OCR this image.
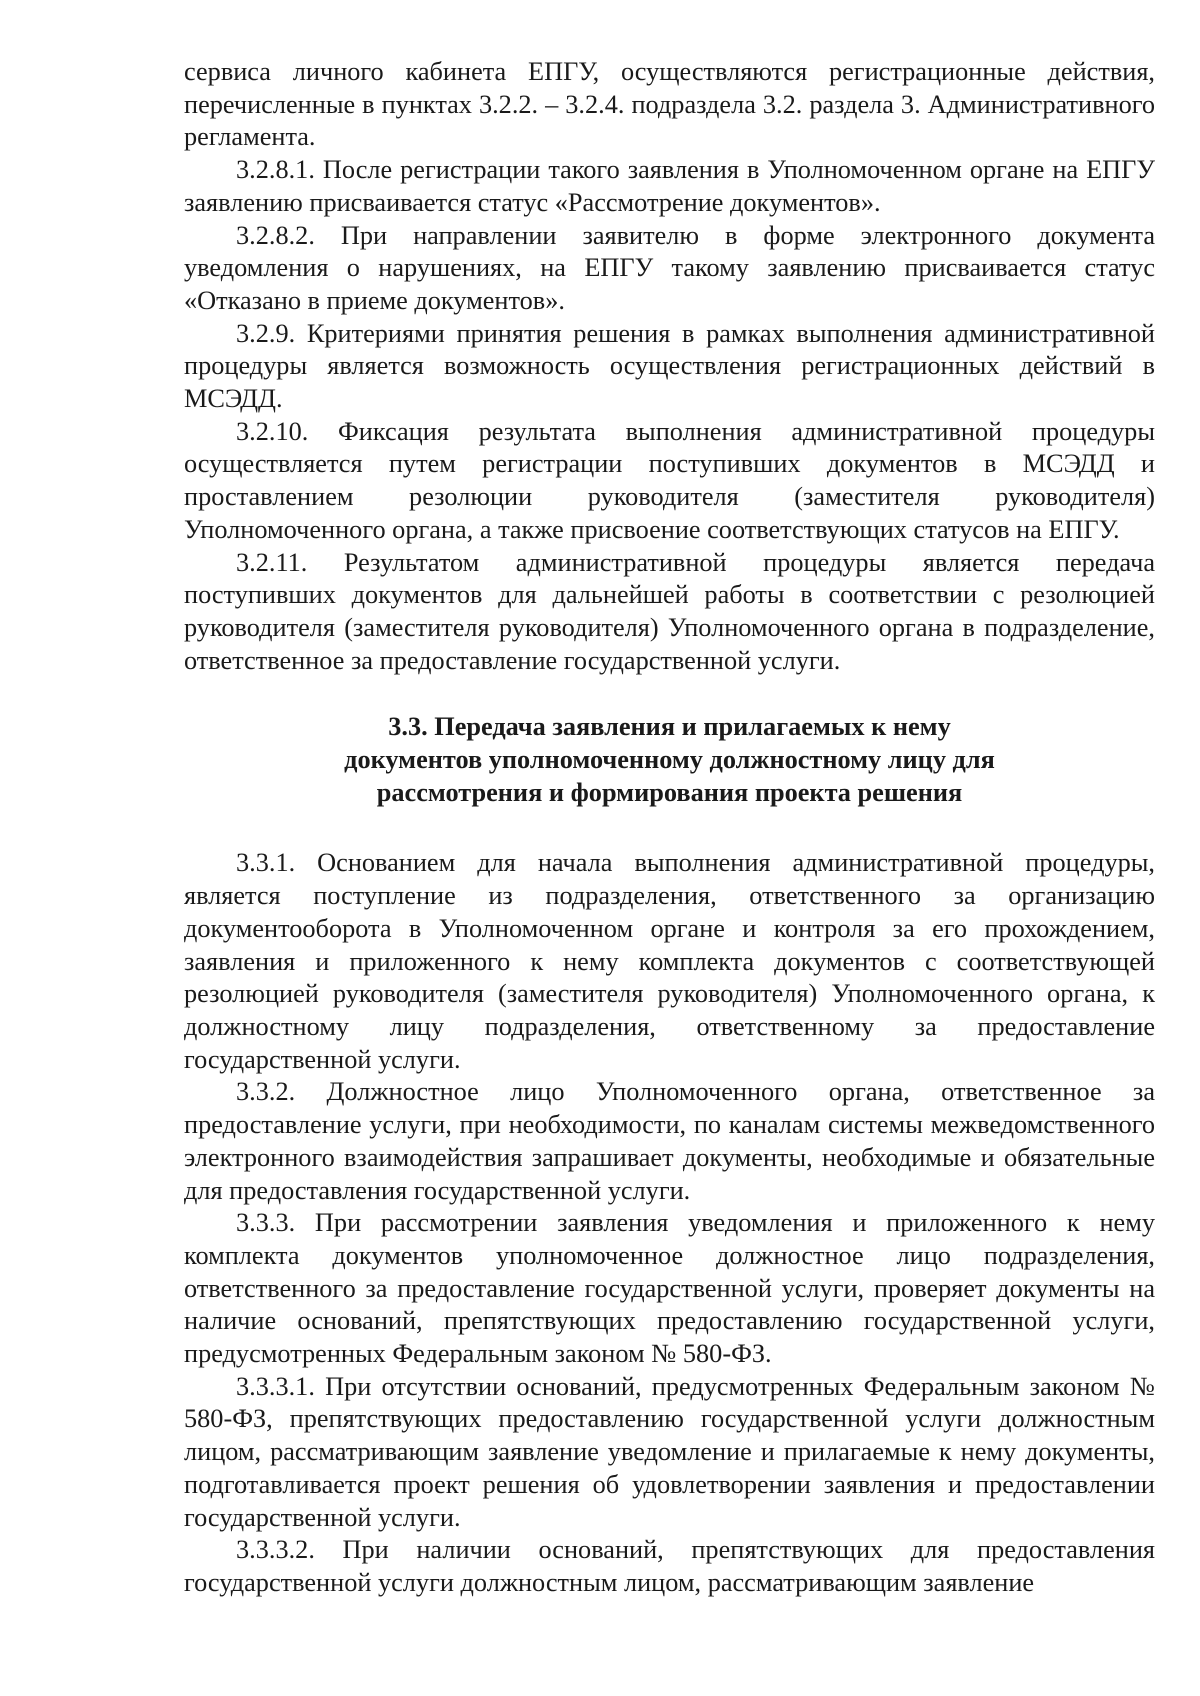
сервиса личного кабинета ЕПГУ, осуществляются регистрационные действия, перечисленные в пунктах 3.2.2. – 3.2.4. подраздела 3.2. раздела 3. Административного регламента.

3.2.8.1. После регистрации такого заявления в Уполномоченном органе на ЕПГУ заявлению присваивается статус «Рассмотрение документов».

3.2.8.2. При направлении заявителю в форме электронного документа уведомления о нарушениях, на ЕПГУ такому заявлению присваивается статус «Отказано в приеме документов».

3.2.9. Критериями принятия решения в рамках выполнения административной процедуры является возможность осуществления регистрационных действий в МСЭДД.

3.2.10. Фиксация результата выполнения административной процедуры осуществляется путем регистрации поступивших документов в МСЭДД и проставлением резолюции руководителя (заместителя руководителя) Уполномоченного органа, а также присвоение соответствующих статусов на ЕПГУ.

3.2.11. Результатом административной процедуры является передача поступивших документов для дальнейшей работы в соответствии с резолюцией руководителя (заместителя руководителя) Уполномоченного органа в подразделение, ответственное за предоставление государственной услуги.

3.3. Передача заявления и прилагаемых к нему
документов уполномоченному должностному лицу для
рассмотрения и формирования проекта решения

3.3.1. Основанием для начала выполнения административной процедуры, является поступление из подразделения, ответственного за организацию документооборота в Уполномоченном органе и контроля за его прохождением, заявления и приложенного к нему комплекта документов с соответствующей резолюцией руководителя (заместителя руководителя) Уполномоченного органа, к должностному лицу подразделения, ответственному за предоставление государственной услуги.

3.3.2. Должностное лицо Уполномоченного органа, ответственное за предоставление услуги, при необходимости, по каналам системы межведомственного электронного взаимодействия запрашивает документы, необходимые и обязательные для предоставления государственной услуги.

3.3.3. При рассмотрении заявления уведомления и приложенного к нему комплекта документов уполномоченное должностное лицо подразделения, ответственного за предоставление государственной услуги, проверяет документы на наличие оснований, препятствующих предоставлению государственной услуги, предусмотренных Федеральным законом № 580-ФЗ.

3.3.3.1. При отсутствии оснований, предусмотренных Федеральным законом № 580-ФЗ, препятствующих предоставлению государственной услуги должностным лицом, рассматривающим заявление уведомление и прилагаемые к нему документы, подготавливается проект решения об удовлетворении заявления и предоставлении государственной услуги.

3.3.3.2. При наличии оснований, препятствующих для предоставления государственной услуги должностным лицом, рассматривающим заявление
